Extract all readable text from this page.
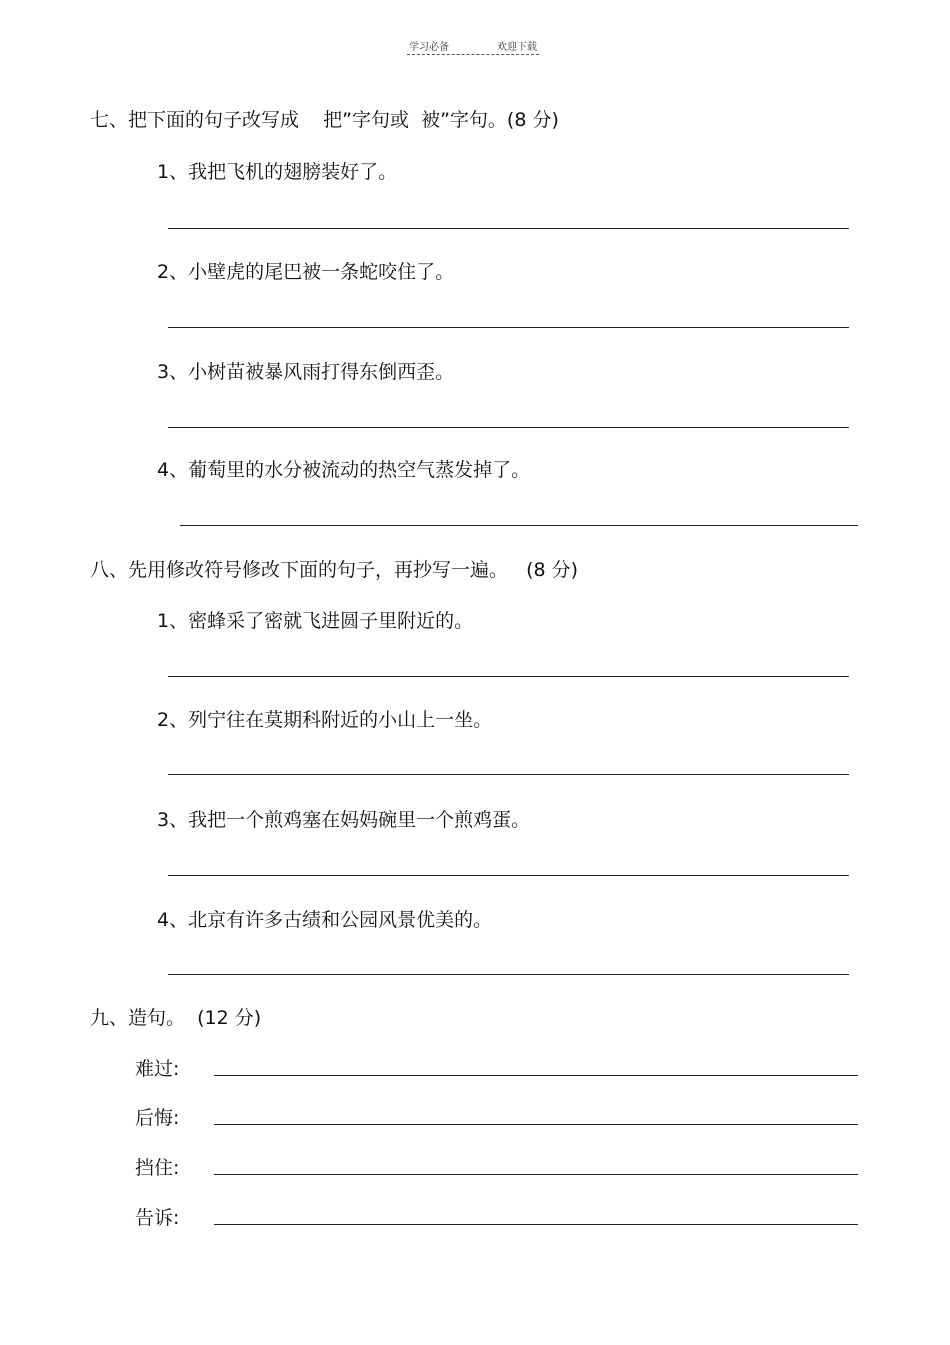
学习必备	欢迎下载
七、把下面的句子改写成    把”字句或  被”字句。(8 分)
1、我把飞机的翅膀装好了。
2、小壁虎的尾巴被一条蛇咬住了。
3、小树苗被暴风雨打得东倒西歪。
4、葡萄里的水分被流动的热空气蒸发掉了。
八、先用修改符号修改下面的句子，再抄写一遍。   (8 分)
1、密蜂采了密就飞进圆子里附近的。
2、列宁往在莫期科附近的小山上一坐。
3、我把一个煎鸡塞在妈妈碗里一个煎鸡蛋。
4、北京有许多古绩和公园风景优美的。
九、造句。  (12 分)
难过:
后悔:
挡住:
告诉:
